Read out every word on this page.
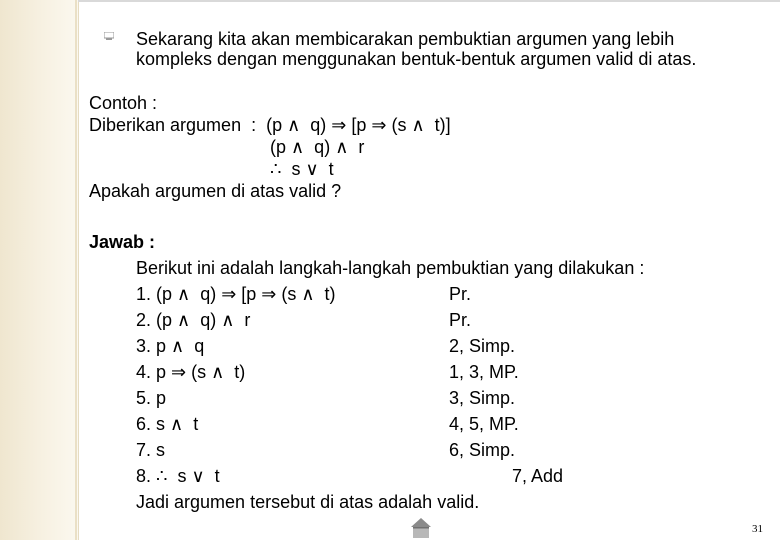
Sekarang kita akan membicarakan pembuktian argumen yang lebih
kompleks dengan menggunakan bentuk-bentuk argumen valid di atas.
Contoh :
Diberikan argumen  :  (p ∧  q) ⇒ [p ⇒ (s ∧  t)]
(p ∧  q) ∧  r
∴  s ∨  t
Apakah argumen di atas valid ?
Jawab :
Berikut ini adalah langkah-langkah pembuktian yang dilakukan :
1. (p ∧  q) ⇒ [p ⇒ (s ∧  t)	Pr.
2. (p ∧  q) ∧  r	Pr.
3. p ∧  q	2, Simp.
4. p ⇒ (s ∧  t)	1, 3, MP.
5. p	3, Simp.
6. s ∧  t	4, 5, MP.
7. s	6, Simp.
8. ∴  s ∨  t	7, Add
Jadi argumen tersebut di atas adalah valid.
31
